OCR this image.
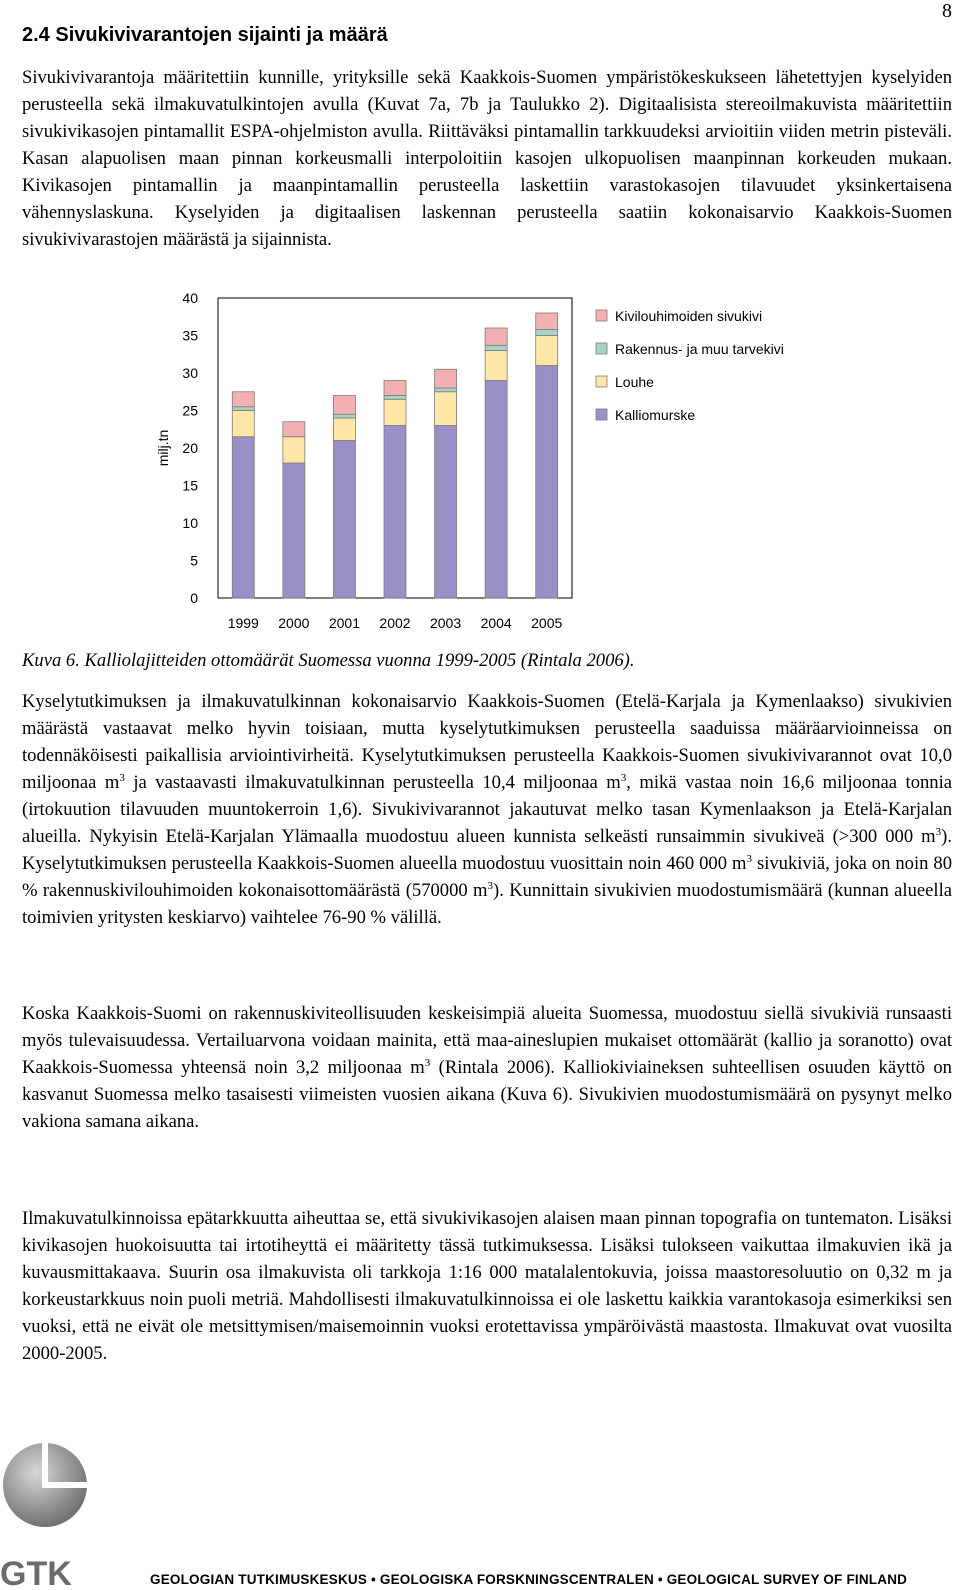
8
2.4 Sivukivivarantojen sijainti ja määrä

Sivukivivarantoja määritettiin kunnille, yrityksille sekä Kaakkois-Suomen ympäristökeskukseen lähetettyjen kyselyiden perusteella sekä ilmakuvatulkintojen avulla (Kuvat 7a, 7b ja Taulukko 2). Digitaalisista stereoilmakuvista määritettiin sivukivikasojen pintamallit ESPA-ohjelmiston avulla. Riittäväksi pintamallin tarkkuudeksi arvioitiin viiden metrin pisteväli. Kasan alapuolisen maan pinnan korkeusmalli interpoloitiin kasojen ulkopuolisen maanpinnan korkeuden mukaan. Kivikasojen pintamallin ja maanpintamallin perusteella laskettiin varastokasojen tilavuudet yksinkertaisena vähennyslaskuna. Kyselyiden ja digitaalisen laskennan perusteella saatiin kokonaisarvio Kaakkois-Suomen sivukivivarastojen määrästä ja sijainnista.

0
5
10
15
20
25
30
35
40
milj.tn
1999 2000 2001 2002 2003 2004 2005
Kivilouhimoiden sivukivi
Rakennus- ja muu tarvekivi
Louhe
Kalliomurske

Kuva 6. Kalliolajitteiden ottomäärät Suomessa vuonna 1999-2005 (Rintala 2006).

Kyselytutkimuksen ja ilmakuvatulkinnan kokonaisarvio Kaakkois-Suomen (Etelä-Karjala ja Kymenlaakso) sivukivien määrästä vastaavat melko hyvin toisiaan, mutta kyselytutkimuksen perusteella saaduissa määräarvioinneissa on todennäköisesti paikallisia arviointivirheitä. Kyselytutkimuksen perusteella Kaakkois-Suomen sivukivivarannot ovat 10,0 miljoonaa $m^3$ ja vastaavasti ilmakuvatulkinnan perusteella 10,4 miljoonaa $m^3$, mikä vastaa noin 16,6 miljoonaa tonnia (irtokuution tilavuuden muuntokerroin 1,6). Sivukivivarannot jakautuvat melko tasan Kymenlaakson ja Etelä-Karjalan alueilla. Nykyisin Etelä-Karjalan Ylämaalla muodostuu alueen kunnista selkeästi runsaimmin sivukiveä (>300 000 $m^3$). Kyselytutkimuksen perusteella Kaakkois-Suomen alueella muodostuu vuosittain noin 460 000 $m^3$ sivukiviä, joka on noin 80 % rakennuskivilouhimoiden kokonaisottomäärästä (570000 $m^3$). Kunnittain sivukivien muodostumismäärä (kunnan alueella toimivien yritysten keskiarvo) vaihtelee 76-90 % välillä.

Koska Kaakkois-Suomi on rakennuskiviteollisuuden keskeisimpiä alueita Suomessa, muodostuu siellä sivukiviä runsaasti myös tulevaisuudessa. Vertailuarvona voidaan mainita, että maa-aineslupien mukaiset ottomäärät (kallio ja soranotto) ovat Kaakkois-Suomessa yhteensä noin 3,2 miljoonaa $m^3$ (Rintala 2006). Kalliokiviaineksen suhteellisen osuuden käyttö on kasvanut Suomessa melko tasaisesti viimeisten vuosien aikana (Kuva 6). Sivukivien muodostumismäärä on pysynyt melko vakiona samana aikana.

Ilmakuvatulkinnoissa epätarkkuutta aiheuttaa se, että sivukivikasojen alaisen maan pinnan topografia on tuntematon. Lisäksi kivikasojen huokoisuutta tai irtotiheyttä ei määritetty tässä tutkimuksessa. Lisäksi tulokseen vaikuttaa ilmakuvien ikä ja kuvausmittakaava. Suurin osa ilmakuvista oli tarkkoja 1:16 000 matalalentokuvia, joissa maastoresoluutio on 0,32 m ja korkeustarkkuus noin puoli metriä. Mahdollisesti ilmakuvatulkinnoissa ei ole laskettu kaikkia varantokasoja esimerkiksi sen vuoksi, että ne eivät ole metsittymisen/maisemoinnin vuoksi erotettavissa ympäröivästä maastosta. Ilmakuvat ovat vuosilta 2000-2005.

GTK	GEOLOGIAN TUTKIMUSKESKUS • GEOLOGISKA FORSKNINGSCENTRALEN • GEOLOGICAL SURVEY OF FINLAND
